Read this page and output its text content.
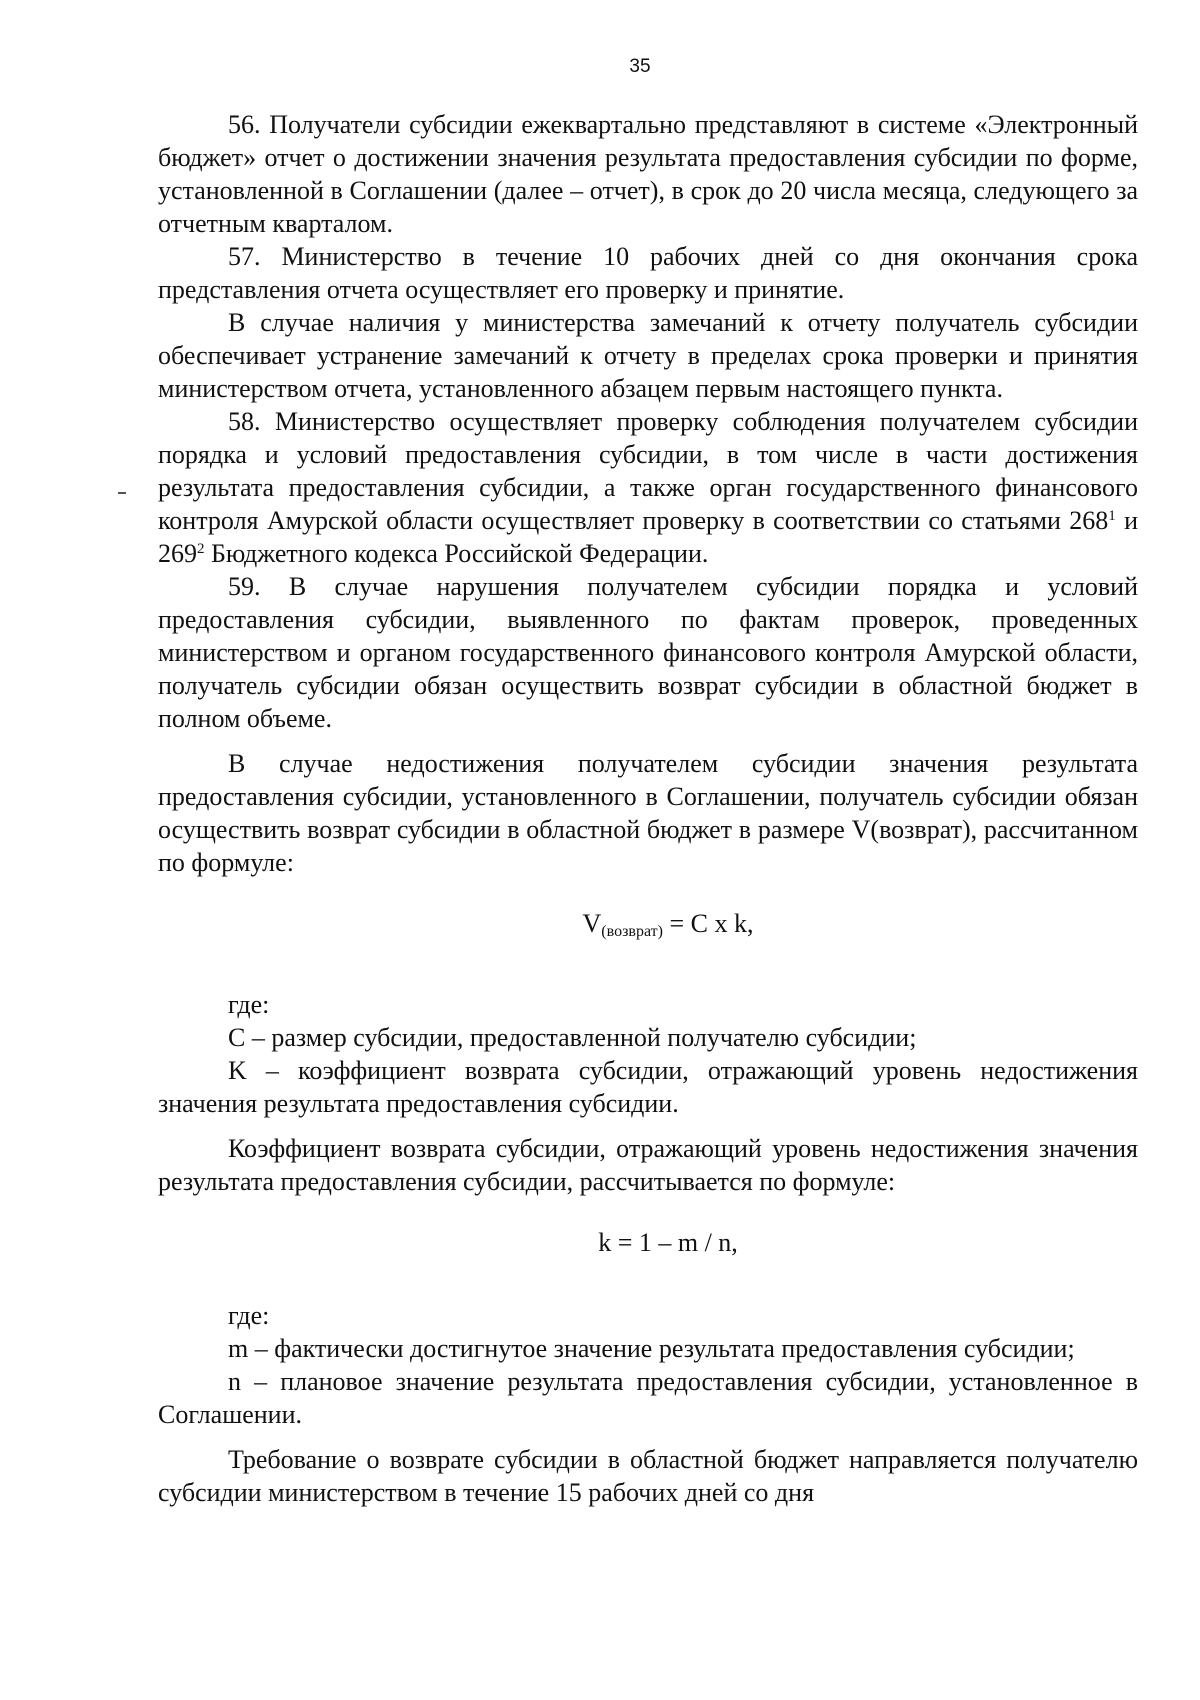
35

56. Получатели субсидии ежеквартально представляют в системе «Электронный бюджет» отчет о достижении значения результата предоставления субсидии по форме, установленной в Соглашении (далее – отчет), в срок до 20 числа месяца, следующего за отчетным кварталом.

57. Министерство в течение 10 рабочих дней со дня окончания срока представления отчета осуществляет его проверку и принятие.

В случае наличия у министерства замечаний к отчету получатель субсидии обеспечивает устранение замечаний к отчету в пределах срока проверки и принятия министерством отчета, установленного абзацем первым настоящего пункта.

58. Министерство осуществляет проверку соблюдения получателем субсидии порядка и условий предоставления субсидии, в том числе в части достижения результата предоставления субсидии, а также орган государственного финансового контроля Амурской области осуществляет проверку в соответствии со статьями $268^1$ и $269^2$ Бюджетного кодекса Российской Федерации.

59. В случае нарушения получателем субсидии порядка и условий предоставления субсидии, выявленного по фактам проверок, проведенных министерством и органом государственного финансового контроля Амурской области, получатель субсидии обязан осуществить возврат субсидии в областной бюджет в полном объеме.

В случае недостижения получателем субсидии значения результата предоставления субсидии, установленного в Соглашении, получатель субсидии обязан осуществить возврат субсидии в областной бюджет в размере V(возврат), рассчитанном по формуле:

$V_{(возврат)} = C$ x k,

где:

C – размер субсидии, предоставленной получателю субсидии;

K – коэффициент возврата субсидии, отражающий уровень недостижения значения результата предоставления субсидии.

Коэффициент возврата субсидии, отражающий уровень недостижения значения результата предоставления субсидии, рассчитывается по формуле:

k = 1 – m / n,

где:

m – фактически достигнутое значение результата предоставления субсидии;

n – плановое значение результата предоставления субсидии, установленное в Соглашении.

Требование о возврате субсидии в областной бюджет направляется получателю субсидии министерством в течение 15 рабочих дней со дня
